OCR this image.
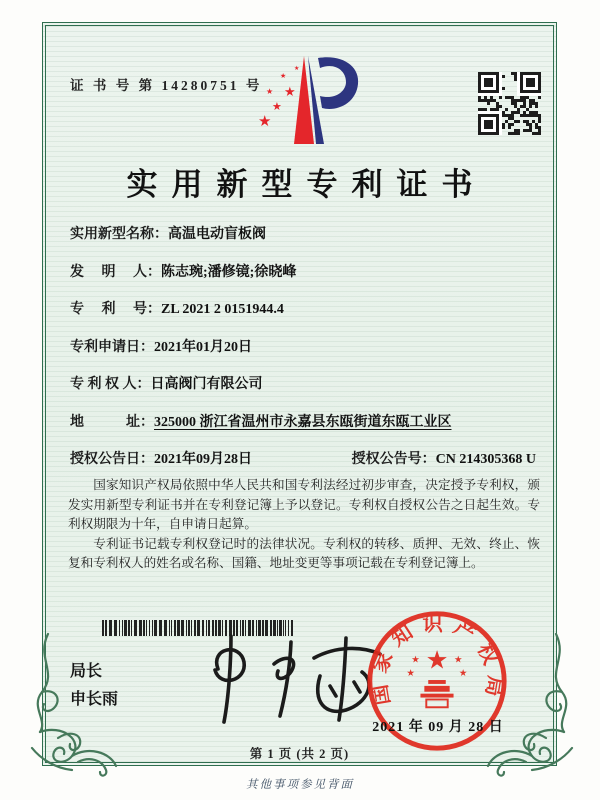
证 书 号 第 14280751 号
★
★
★ ★
★
★
实用新型专利证书
实用新型名称： 高温电动盲板阀
发　 明　 人： 陈志琬;潘修镜;徐晓峰
专　 利　 号： ZL 2021 2 0151944.4
专利申请日： 2021年01月20日
专 利 权 人： 日高阀门有限公司
地　　　址： 325000 浙江省温州市永嘉县东瓯街道东瓯工业区
授权公告日： 2021年09月28日	授权公告号： CN 214305368 U

国家知识产权局依照中华人民共和国专利法经过初步审查，决定授予专利权，颁发实用新型专利证书并在专利登记簿上予以登记。专利权自授权公告之日起生效。专利权期限为十年，自申请日起算。

专利证书记载专利权登记时的法律状况。专利权的转移、质押、无效、终止、恢复和专利权人的姓名或名称、国籍、地址变更等事项记载在专利登记簿上。

局长
申长雨	国家知识产权局
★
★	★
★	★
2021 年 09 月 28 日
第 1 页 (共 2 页)
其他事项参见背面
